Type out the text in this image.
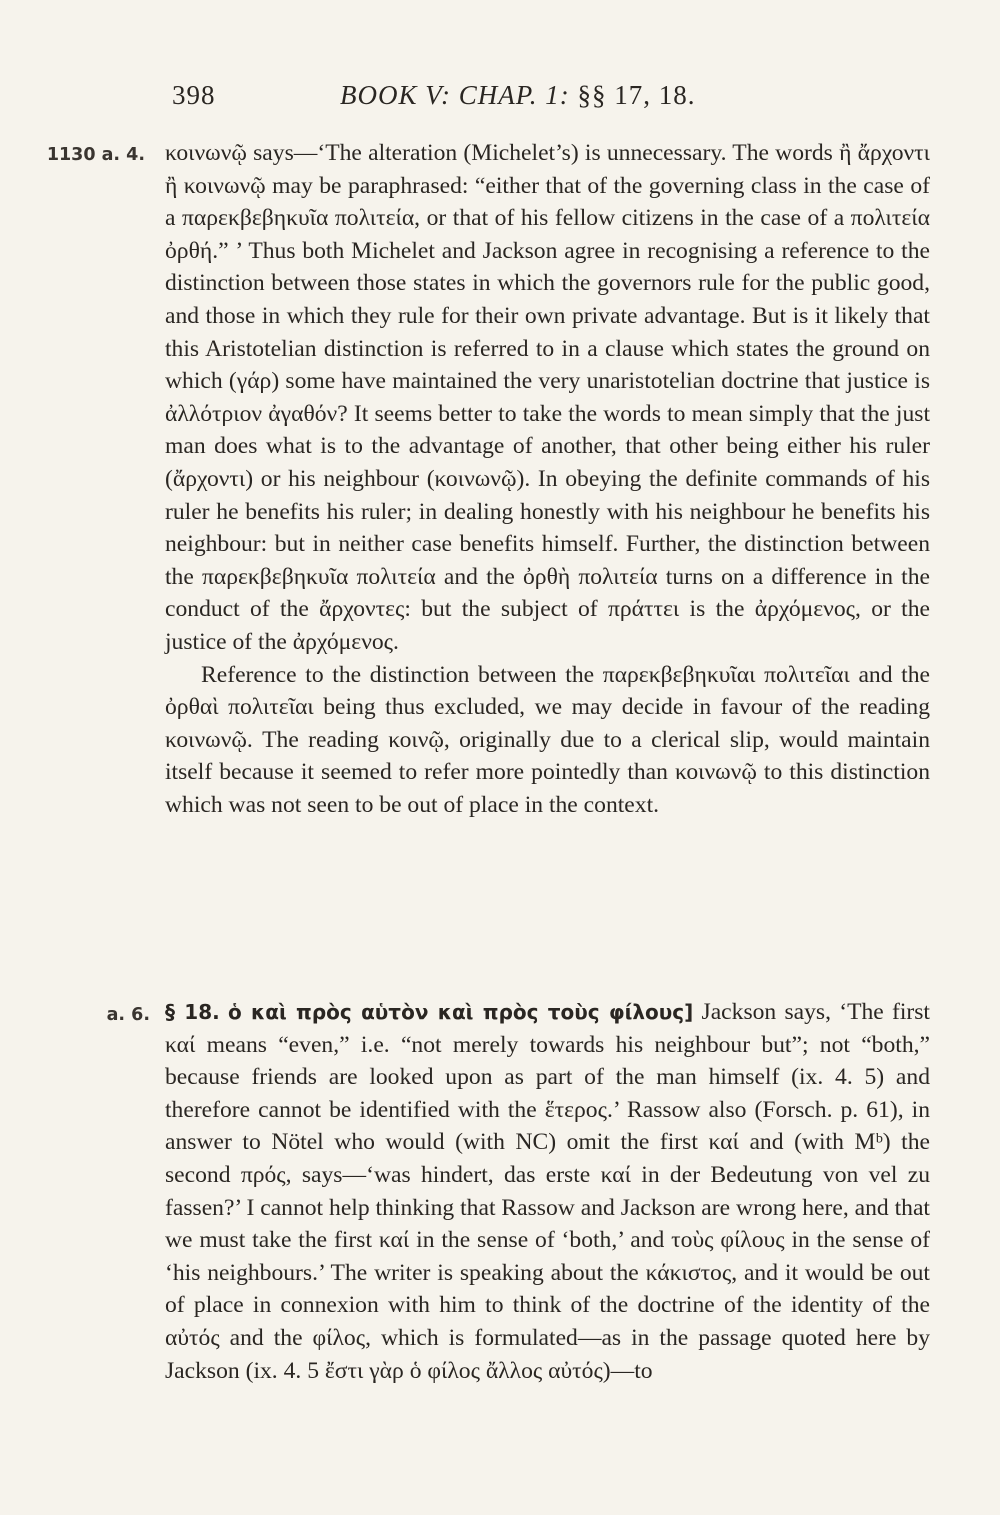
398	BOOK V: CHAP. 1: §§ 17, 18.
1130 a. 4. κοινωνῷ says—‘The alteration (Michelet’s) is unnecessary. The words ἢ ἄρχοντι ἢ κοινωνῷ may be paraphrased: “either that of the governing class in the case of a παρεκβεβηκυῖα πολιτεία, or that of his fellow citizens in the case of a πολιτεία ὀρθή.” ’ Thus both Michelet and Jackson agree in recognising a reference to the distinction between those states in which the governors rule for the public good, and those in which they rule for their own private advantage. But is it likely that this Aristotelian distinction is referred to in a clause which states the ground on which (γάρ) some have maintained the very unaristotelian doctrine that justice is ἀλλότριον ἀγαθόν? It seems better to take the words to mean simply that the just man does what is to the advantage of another, that other being either his ruler (ἄρχοντι) or his neighbour (κοινωνῷ). In obeying the definite commands of his ruler he benefits his ruler; in dealing honestly with his neighbour he benefits his neighbour: but in neither case benefits himself. Further, the distinction between the παρεκβεβηκυῖα πολιτεία and the ὀρθὴ πολιτεία turns on a difference in the conduct of the ἄρχοντες: but the subject of πράττει is the ἀρχόμενος, or the justice of the ἀρχόμενος.

Reference to the distinction between the παρεκβεβηκυῖαι πολιτεῖαι and the ὀρθαὶ πολιτεῖαι being thus excluded, we may decide in favour of the reading κοινωνῷ. The reading κοινῷ, originally due to a clerical slip, would maintain itself because it seemed to refer more pointedly than κοινωνῷ to this distinction which was not seen to be out of place in the context.

a. 6. § 18. ὁ καὶ πρὸς αὑτὸν καὶ πρὸς τοὺς φίλους] Jackson says, ‘The first καί means “even,” i.e. “not merely towards his neighbour but”; not “both,” because friends are looked upon as part of the man himself (ix. 4. 5) and therefore cannot be identified with the ἕτερος.’ Rassow also (Forsch. p. 61), in answer to Nötel who would (with NC) omit the first καί and (with Mᵇ) the second πρός, says—‘was hindert, das erste καί in der Bedeutung von vel zu fassen?’ I cannot help thinking that Rassow and Jackson are wrong here, and that we must take the first καί in the sense of ‘both,’ and τοὺς φίλους in the sense of ‘his neighbours.’ The writer is speaking about the κάκιστος, and it would be out of place in connexion with him to think of the doctrine of the identity of the αὐτός and the φίλος, which is formulated—as in the passage quoted here by Jackson (ix. 4. 5 ἔστι γὰρ ὁ φίλος ἄλλος αὐτός)—to
